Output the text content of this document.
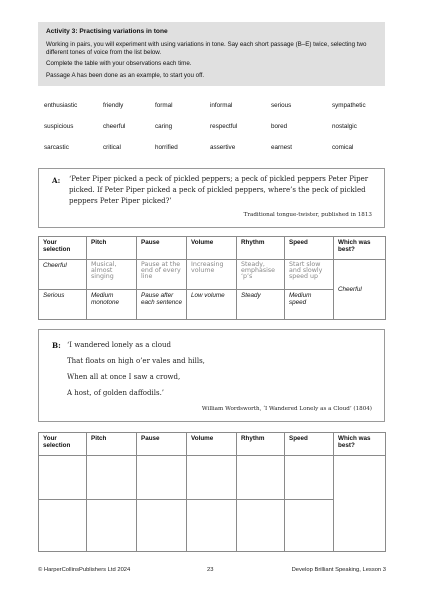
Activity 3: Practising variations in tone

Working in pairs, you will experiment with using variations in tone. Say each short passage (B–E) twice, selecting two different tones of voice from the list below.

Complete the table with your observations each time.

Passage A has been done as an example, to start you off.

enthusiastic	friendly	formal	informal	serious	sympathetic
suspicious	cheerful	caring	respectful	bored	nostalgic
sarcastic	critical	horrified	assertive	earnest	comical
A: ‘Peter Piper picked a peck of pickled peppers; a peck of pickled peppers Peter Piper picked. If Peter Piper picked a peck of pickled peppers, where’s the peck of pickled peppers Peter Piper picked?’
Traditional tongue-twister, published in 1813
Your selection	Pitch	Pause	Volume	Rhythm	Speed	Which was best?
Cheerful	Musical, almost singing	Pause at the end of every line	Increasing volume	Steady, emphasise ‘p’s	Start slow and slowly speed up	Cheerful
Serious	Medium monotone	Pause after each sentence	Low volume	Steady	Medium speed	
B: ‘I wandered lonely as a cloud
That floats on high o’er vales and hills,
When all at once I saw a crowd,
A host, of golden daffodils.’
William Wordsworth, ‘I Wandered Lonely as a Cloud’ (1804)
Your selection	Pitch	Pause	Volume	Rhythm	Speed	Which was best?

© HarperCollinsPublishers Ltd 2024	23	Develop Brilliant Speaking, Lesson 3
